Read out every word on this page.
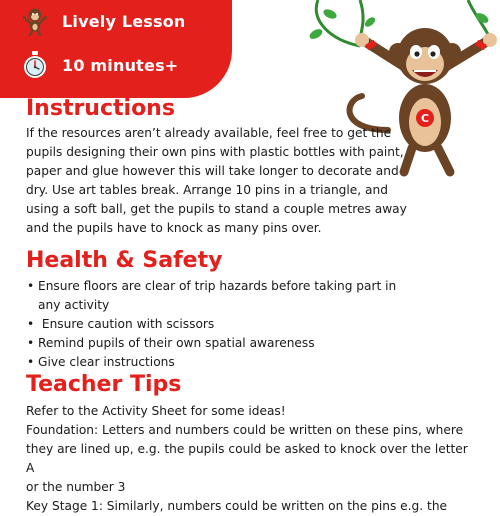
Lively Lesson
10 minutes+
C
Instructions
If the resources aren’t already available, feel free to get the
pupils designing their own pins with plastic bottles with paint,
paper and glue however this will take longer to decorate and
dry. Use art tables break. Arrange 10 pins in a triangle, and
using a soft ball, get the pupils to stand a couple metres away
and the pupils have to knock as many pins over.
Health & Safety
• Ensure floors are clear of trip hazards before taking part in any activity
• Ensure caution with scissors
• Remind pupils of their own spatial awareness
• Give clear instructions
Teacher Tips

Refer to the Activity Sheet for some ideas!

Foundation: Letters and numbers could be written on these pins, where

they are lined up, e.g. the pupils could be asked to knock over the letter A

or the number 3

Key Stage 1: Similarly, numbers could be written on the pins e.g. the
